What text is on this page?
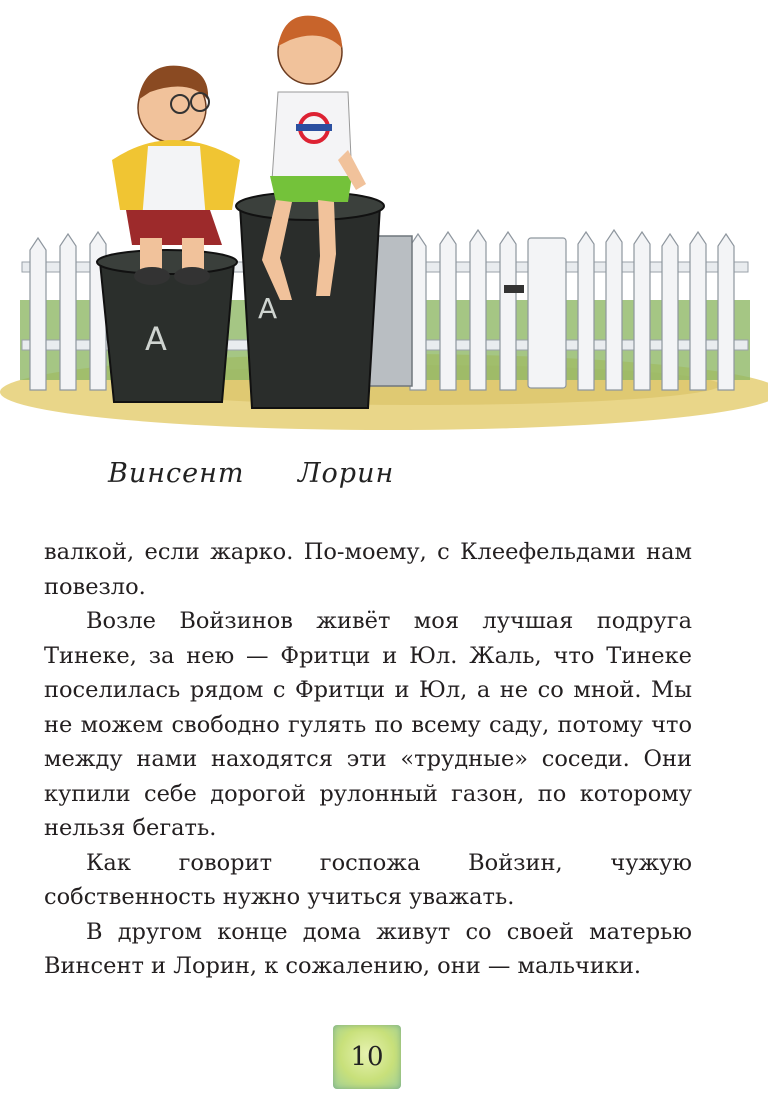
A
A
Винсент Лорин

валкой, если жарко. По-моему, с Клеефельдами нам повезло.

Возле Войзинов живёт моя лучшая подруга Тинеке, за нею — Фритци и Юл. Жаль, что Тинеке поселилась рядом с Фритци и Юл, а не со мной. Мы не можем свободно гулять по всему саду, потому что между нами находятся эти «трудные» соседи. Они купили себе дорогой рулонный газон, по которому нельзя бегать.

Как говорит госпожа Войзин, чужую собственность нужно учиться уважать.

В другом конце дома живут со своей матерью Винсент и Лорин, к сожалению, они — мальчики.

10
